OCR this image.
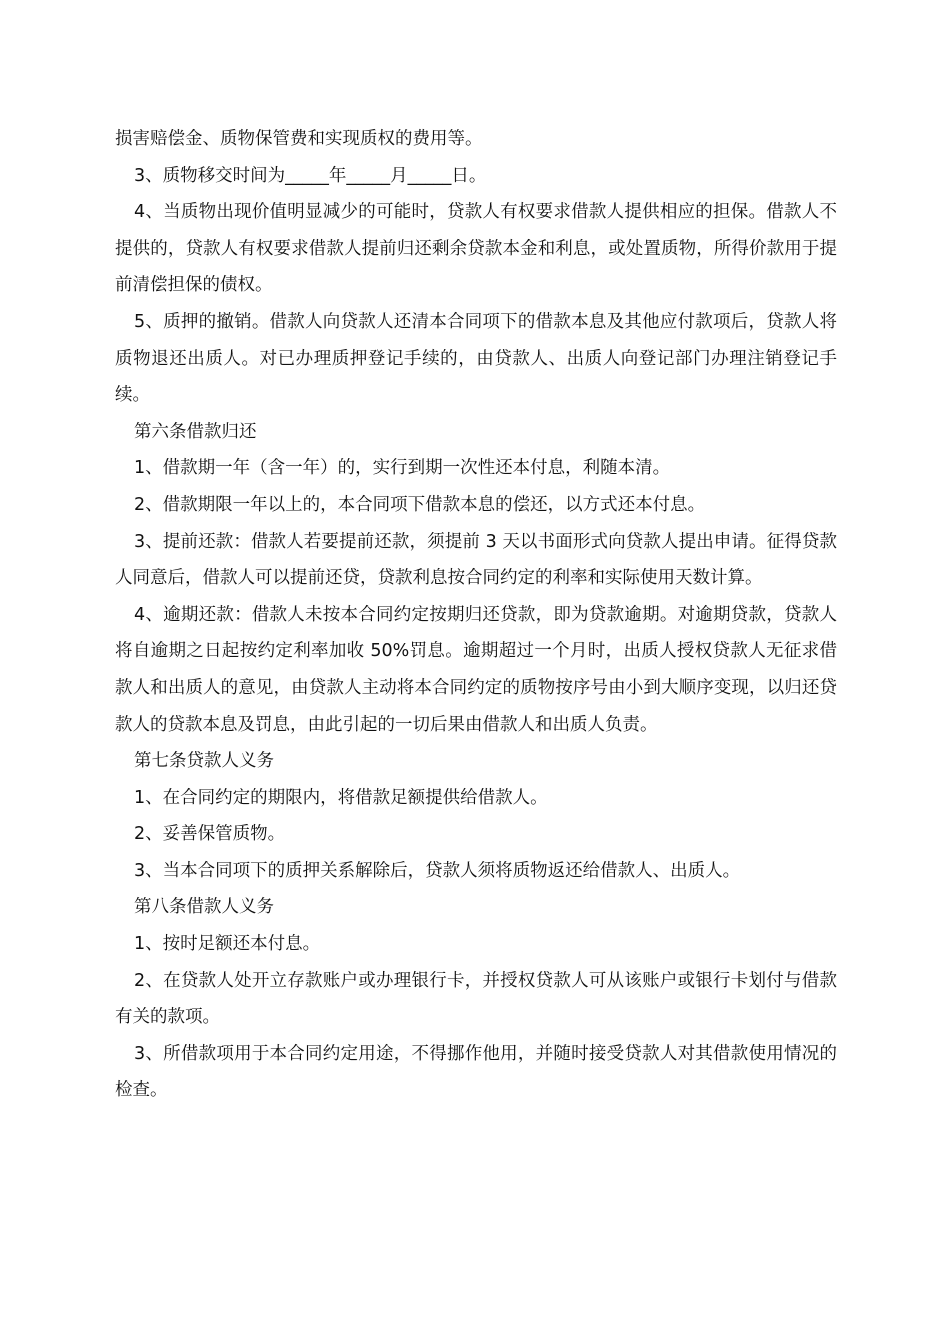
损害赔偿金、质物保管费和实现质权的费用等。

3、质物移交时间为_____年_____月_____日。

4、当质物出现价值明显减少的可能时，贷款人有权要求借款人提供相应的担保。借款人不提供的，贷款人有权要求借款人提前归还剩余贷款本金和利息，或处置质物，所得价款用于提前清偿担保的债权。

5、质押的撤销。借款人向贷款人还清本合同项下的借款本息及其他应付款项后，贷款人将质物退还出质人。对已办理质押登记手续的，由贷款人、出质人向登记部门办理注销登记手续。

第六条借款归还

1、借款期一年（含一年）的，实行到期一次性还本付息，利随本清。

2、借款期限一年以上的，本合同项下借款本息的偿还，以方式还本付息。

3、提前还款：借款人若要提前还款，须提前 3 天以书面形式向贷款人提出申请。征得贷款人同意后，借款人可以提前还贷，贷款利息按合同约定的利率和实际使用天数计算。

4、逾期还款：借款人未按本合同约定按期归还贷款，即为贷款逾期。对逾期贷款，贷款人将自逾期之日起按约定利率加收 50%罚息。逾期超过一个月时，出质人授权贷款人无征求借款人和出质人的意见，由贷款人主动将本合同约定的质物按序号由小到大顺序变现，以归还贷款人的贷款本息及罚息，由此引起的一切后果由借款人和出质人负责。

第七条贷款人义务

1、在合同约定的期限内，将借款足额提供给借款人。

2、妥善保管质物。

3、当本合同项下的质押关系解除后，贷款人须将质物返还给借款人、出质人。

第八条借款人义务

1、按时足额还本付息。

2、在贷款人处开立存款账户或办理银行卡，并授权贷款人可从该账户或银行卡划付与借款有关的款项。

3、所借款项用于本合同约定用途，不得挪作他用，并随时接受贷款人对其借款使用情况的检查。
